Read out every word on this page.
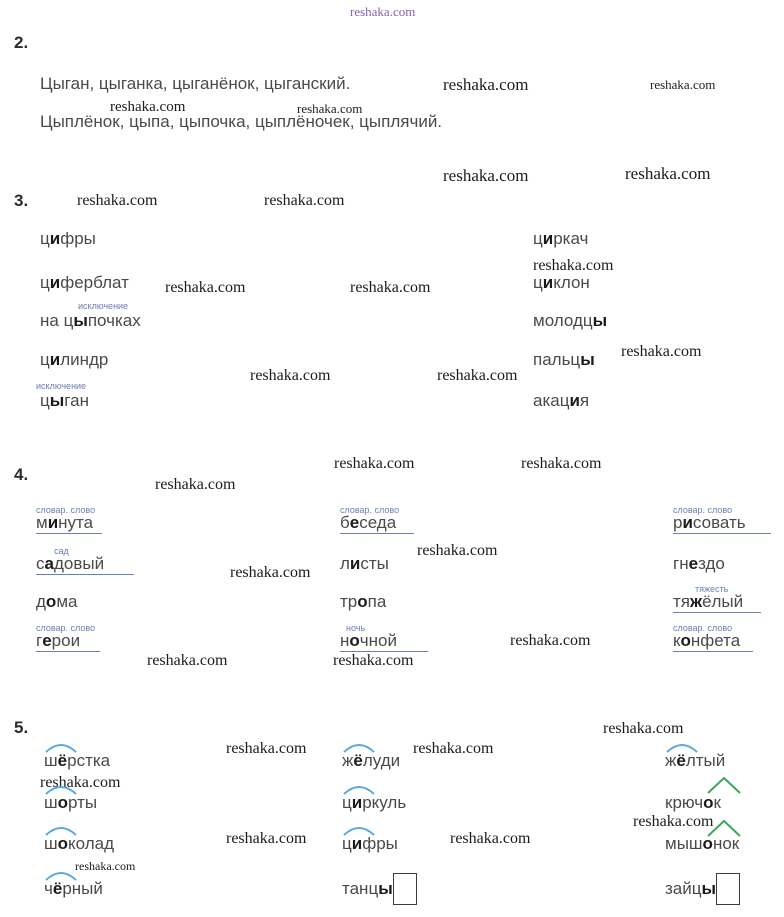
reshaka.com
reshaka.com	reshaka.com
reshaka.com	reshaka.com
reshaka.com	reshaka.com
reshaka.com	reshaka.com
reshaka.com
reshaka.com	reshaka.com
reshaka.com
reshaka.com	reshaka.com
reshaka.com	reshaka.com
reshaka.com
reshaka.com
reshaka.com
reshaka.com
reshaka.com	reshaka.com
reshaka.com
reshaka.com	reshaka.com
reshaka.com
reshaka.com	reshaka.com
reshaka.com
reshaka.com
2.
Цыган, цыганка, цыганёнок, цыганский.
Цыплёнок, цыпа, цыпочка, цыплёночек, цыплячий.
3.
цифры
циферблат
исключение
на цыпочках
цилиндр
исключение
цыган
циркач
циклон
молодцы
пальцы
акация
4.
словар. слово
минута
сад
садовый
дома
словар. слово
герои
словар. слово
беседа
листы
тропа
ночь
ночной
словар. слово
рисовать
гнездо
тяжесть
тяжёлый
словар. слово
конфета
5.
шёрстка
шорты
шоколад
чёрный
жёлуди
циркуль
цифры
танцы
жёлтый
крючок
мышонок
зайцы
